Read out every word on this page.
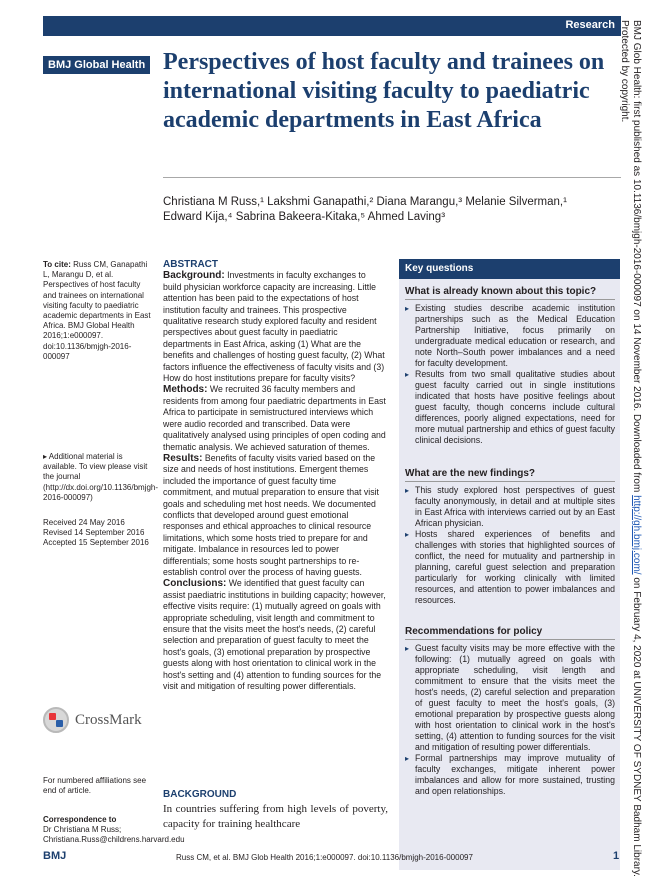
Research
BMJ Global Health Perspectives of host faculty and trainees on international visiting faculty to paediatric academic departments in East Africa
Christiana M Russ,¹ Lakshmi Ganapathi,² Diana Marangu,³ Melanie Silverman,¹
Edward Kija,⁴ Sabrina Bakeera-Kitaka,⁵ Ahmed Laving³
To cite: Russ CM, Ganapathi L, Marangu D, et al. Perspectives of host faculty and trainees on international visiting faculty to paediatric academic departments in East Africa. BMJ Global Health 2016;1:e000097. doi:10.1136/bmjgh-2016-000097
▸ Additional material is available. To view please visit the journal (http://dx.doi.org/10.1136/bmjgh-2016-000097)
Received 24 May 2016
Revised 14 September 2016
Accepted 15 September 2016
CrossMark
For numbered affiliations see end of article.
Correspondence to
Dr Christiana M Russ;
Christiana.Russ@childrens.harvard.edu
ABSTRACT

Background: Investments in faculty exchanges to build physician workforce capacity are increasing. Little attention has been paid to the expectations of host institution faculty and trainees. This prospective qualitative research study explored faculty and resident perspectives about guest faculty in paediatric departments in East Africa, asking (1) What are the benefits and challenges of hosting guest faculty, (2) What factors influence the effectiveness of faculty visits and (3) How do host institutions prepare for faculty visits?

Methods: We recruited 36 faculty members and residents from among four paediatric departments in East Africa to participate in semistructured interviews which were audio recorded and transcribed. Data were qualitatively analysed using principles of open coding and thematic analysis. We achieved saturation of themes.

Results: Benefits of faculty visits varied based on the size and needs of host institutions. Emergent themes included the importance of guest faculty time commitment, and mutual preparation to ensure that visit goals and scheduling met host needs. We documented conflicts that developed around guest emotional responses and ethical approaches to clinical resource limitations, which some hosts tried to prepare for and mitigate. Imbalance in resources led to power differentials; some hosts sought partnerships to re-establish control over the process of having guests.

Conclusions: We identified that guest faculty can assist paediatric institutions in building capacity; however, effective visits require: (1) mutually agreed on goals with appropriate scheduling, visit length and commitment to ensure that the visits meet the host's needs, (2) careful selection and preparation of guest faculty to meet the host's goals, (3) emotional preparation by prospective guests along with host orientation to clinical work in the host's setting and (4) attention to funding sources for the visit and mitigation of resulting power differentials.

BACKGROUND
In countries suffering from high levels of poverty, capacity for training healthcare
Key questions
What is already known about this topic?
▸ Existing studies describe academic institution partnerships such as the Medical Education Partnership Initiative, focus primarily on undergraduate medical education or research, and note North–South power imbalances and a need for faculty development.
▸ Results from two small qualitative studies about guest faculty carried out in single institutions indicated that hosts have positive feelings about guest faculty, though concerns include cultural differences, poorly aligned expectations, need for more mutual partnership and ethics of guest faculty clinical decisions.
What are the new findings?
▸ This study explored host perspectives of guest faculty anonymously, in detail and at multiple sites in East Africa with interviews carried out by an East African physician.
▸ Hosts shared experiences of benefits and challenges with stories that highlighted sources of conflict, the need for mutuality and partnership in planning, careful guest selection and preparation particularly for working clinically with limited resources, and attention to power imbalances and resources.
Recommendations for policy
▸ Guest faculty visits may be more effective with the following: (1) mutually agreed on goals with appropriate scheduling, visit length and commitment to ensure that the visits meet the host's needs, (2) careful selection and preparation of guest faculty to meet the host's goals, (3) emotional preparation by prospective guests along with host orientation to clinical work in the host's setting, (4) attention to funding sources for the visit and mitigation of resulting power differentials.
▸ Formal partnerships may improve mutuality of faculty exchanges, mitigate inherent power imbalances and allow for more sustained, trusting and open relationships.
BMJ	Russ CM, et al. BMJ Glob Health 2016;1:e000097. doi:10.1136/bmjgh-2016-000097	1
BMJ Glob Health: first published as 10.1136/bmjgh-2016-000097 on 14 November 2016. Downloaded from http://gh.bmj.com/ on February 4, 2020 at UNIVERSITY OF SYDNEY Badham Library. Protected by copyright.
